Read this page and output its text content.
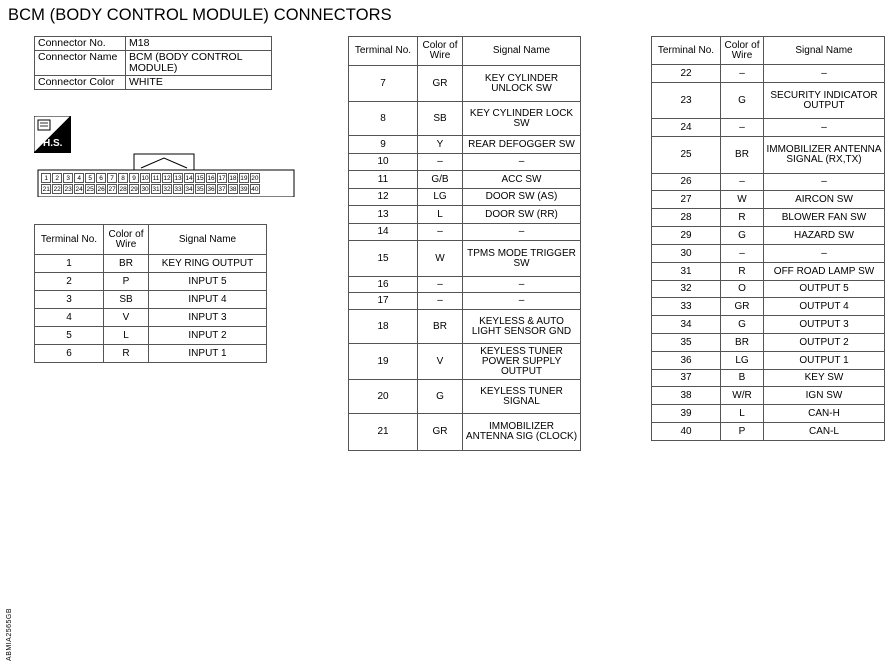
BCM (BODY CONTROL MODULE) CONNECTORS
Connector No.	M18
Connector Name	BCM (BODY CONTROL MODULE)
Connector Color	WHITE
H.S.
1	2	3	4	5	6	7	8	9 10 11 12 13 14 15 16 17 18 19 20
21 22 23 24 25 26 27 28 29 30 31 32 33 34 35 36 37 38 39 40
Terminal No.	Color of Wire	Signal Name
1	BR	KEY RING OUTPUT
2	P	INPUT 5
3	SB	INPUT 4
4	V	INPUT 3
5	L	INPUT 2
6	R	INPUT 1
Terminal No.	Color of Wire	Signal Name
7	GR	KEY CYLINDER UNLOCK SW
8	SB	KEY CYLINDER LOCK SW
9	Y	REAR DEFOGGER SW
10	–	–
11	G/B	ACC SW
12	LG	DOOR SW (AS)
13	L	DOOR SW (RR)
14	–	–
15	W	TPMS MODE TRIGGER SW
16	–	–
17	–	–
18	BR	KEYLESS & AUTO LIGHT SENSOR GND
19	V	KEYLESS TUNER POWER SUPPLY OUTPUT
20	G	KEYLESS TUNER SIGNAL
21	GR	IMMOBILIZER ANTENNA SIG (CLOCK)
Terminal No.	Color of Wire	Signal Name
22	–	–
23	G	SECURITY INDICATOR OUTPUT
24	–	–
25	BR	IMMOBILIZER ANTENNA SIGNAL (RX,TX)
26	–	–
27	W	AIRCON SW
28	R	BLOWER FAN SW
29	G	HAZARD SW
30	–	–
31	R	OFF ROAD LAMP SW
32	O	OUTPUT 5
33	GR	OUTPUT 4
34	G	OUTPUT 3
35	BR	OUTPUT 2
36	LG	OUTPUT 1
37	B	KEY SW
38	W/R	IGN SW
39	L	CAN-H
40	P	CAN-L
ABMIA2565GB
